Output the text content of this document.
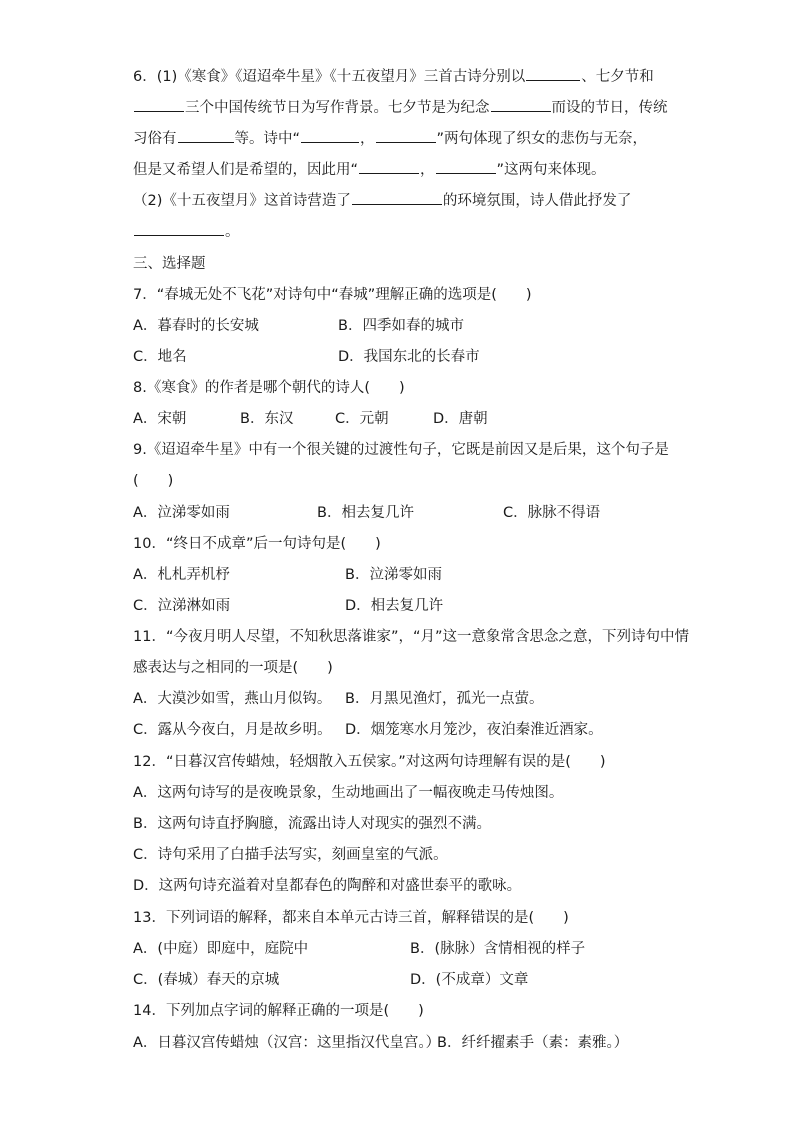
6．(1)《寒食》《迢迢牵牛星》《十五夜望月》三首古诗分别以	、七夕节和
三个中国传统节日为写作背景。七夕节是为纪念	而设的节日，传统
习俗有	等。诗中“	，	”两句体现了织女的悲伤与无奈，
但是又希望人们是希望的，因此用“	，	”这两句来体现。
（2)《十五夜望月》这首诗营造了	的环境氛围，诗人借此抒发了
。
三、选择题
7．“春城无处不飞花”对诗句中“春城”理解正确的选项是(　　)
A．暮春时的长安城	B．四季如春的城市
C．地名	D．我国东北的长春市
8.《寒食》的作者是哪个朝代的诗人(　　)
A．宋朝	B．东汉	C．元朝	D．唐朝
9.《迢迢牵牛星》中有一个很关键的过渡性句子，它既是前因又是后果，这个句子是
(　　)
A．泣涕零如雨	B．相去复几许	C．脉脉不得语
10．“终日不成章”后一句诗句是(　　)
A．札札弄机杼	B．泣涕零如雨
C．泣涕淋如雨	D．相去复几许
11．“今夜月明人尽望，不知秋思落谁家”，“月”这一意象常含思念之意，下列诗句中情
感表达与之相同的一项是(　　)
A．大漠沙如雪，燕山月似钩。 B．月黑见渔灯，孤光一点萤。
C．露从今夜白，月是故乡明。 D．烟笼寒水月笼沙，夜泊秦淮近酒家。
12．“日暮汉宫传蜡烛，轻烟散入五侯家。”对这两句诗理解有误的是(　　)
A．这两句诗写的是夜晚景象，生动地画出了一幅夜晚走马传烛图。
B．这两句诗直抒胸臆，流露出诗人对现实的强烈不满。
C．诗句采用了白描手法写实，刻画皇室的气派。
D．这两句诗充溢着对皇都春色的陶醉和对盛世泰平的歌咏。
13．下列词语的解释，都来自本单元古诗三首，解释错误的是(　　)
A．(中庭）即庭中，庭院中	B．(脉脉）含情相视的样子
C．(春城）春天的京城	D．(不成章）文章
14．下列加点字词的解释正确的一项是(　　)
A．日暮汉宫传蜡烛（汉宫：这里指汉代皇宫。）
B．纤纤擢素手（素：素雅。）
